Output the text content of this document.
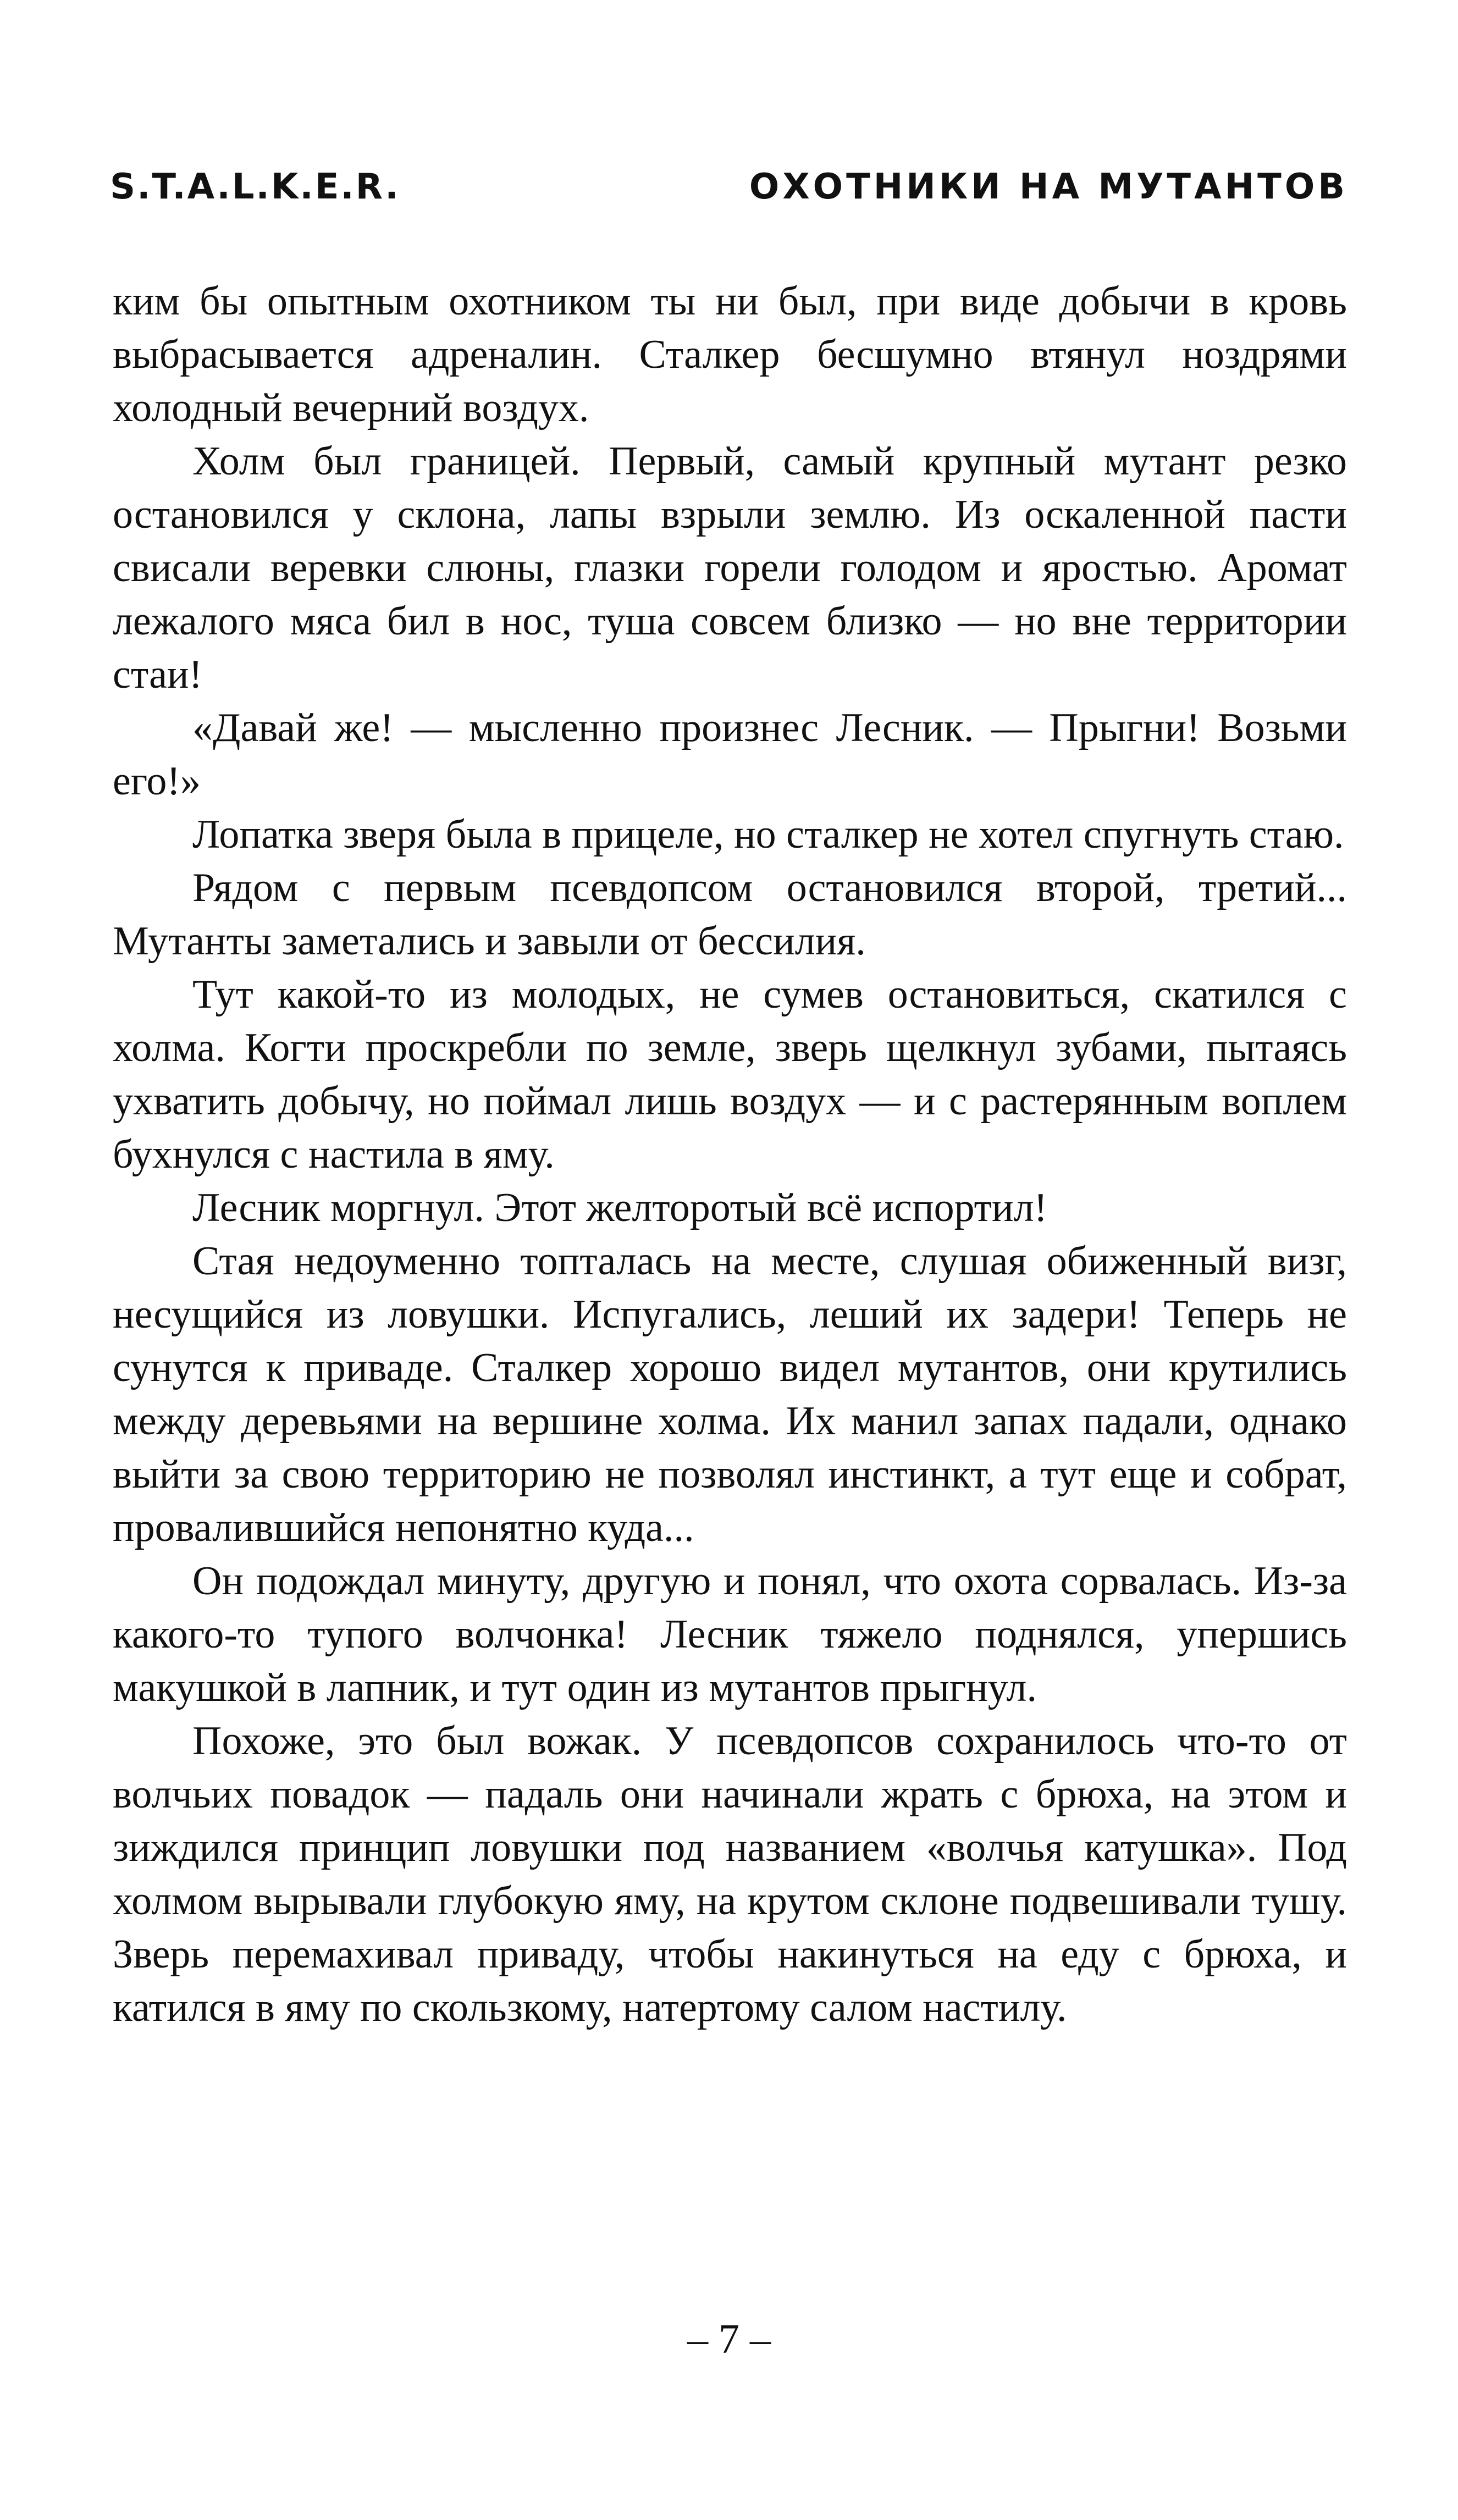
S.T.A.L.K.E.R.	ОХОТНИКИ НА МУТАНТОВ

ким бы опытным охотником ты ни был, при виде добычи в кровь выбрасывается адреналин. Сталкер бесшумно втянул ноздрями холодный вечерний воздух.

Холм был границей. Первый, самый крупный мутант резко остановился у склона, лапы взрыли землю. Из оскаленной пасти свисали веревки слюны, глазки горели голодом и яростью. Аромат лежалого мяса бил в нос, туша совсем близко — но вне территории стаи!

«Давай же! — мысленно произнес Лесник. — Прыгни! Возьми его!»

Лопатка зверя была в прицеле, но сталкер не хотел спугнуть стаю.

Рядом с первым псевдопсом остановился второй, третий... Мутанты заметались и завыли от бессилия.

Тут какой-то из молодых, не сумев остановиться, скатился с холма. Когти проскребли по земле, зверь щелкнул зубами, пытаясь ухватить добычу, но поймал лишь воздух — и с растерянным воплем бухнулся с настила в яму.

Лесник моргнул. Этот желторотый всё испортил!

Стая недоуменно топталась на месте, слушая обиженный визг, несущийся из ловушки. Испугались, леший их задери! Теперь не сунутся к приваде. Сталкер хорошо видел мутантов, они крутились между деревьями на вершине холма. Их манил запах падали, однако выйти за свою территорию не позволял инстинкт, а тут еще и собрат, провалившийся непонятно куда...

Он подождал минуту, другую и понял, что охота сорвалась. Из-за какого-то тупого волчонка! Лесник тяжело поднялся, упершись макушкой в лапник, и тут один из мутантов прыгнул.

Похоже, это был вожак. У псевдопсов сохранилось что-то от волчьих повадок — падаль они начинали жрать с брюха, на этом и зиждился принцип ловушки под названием «волчья катушка». Под холмом вырывали глубокую яму, на крутом склоне подвешивали тушу. Зверь перемахивал приваду, чтобы накинуться на еду с брюха, и катился в яму по скользкому, натертому салом настилу.

– 7 –
